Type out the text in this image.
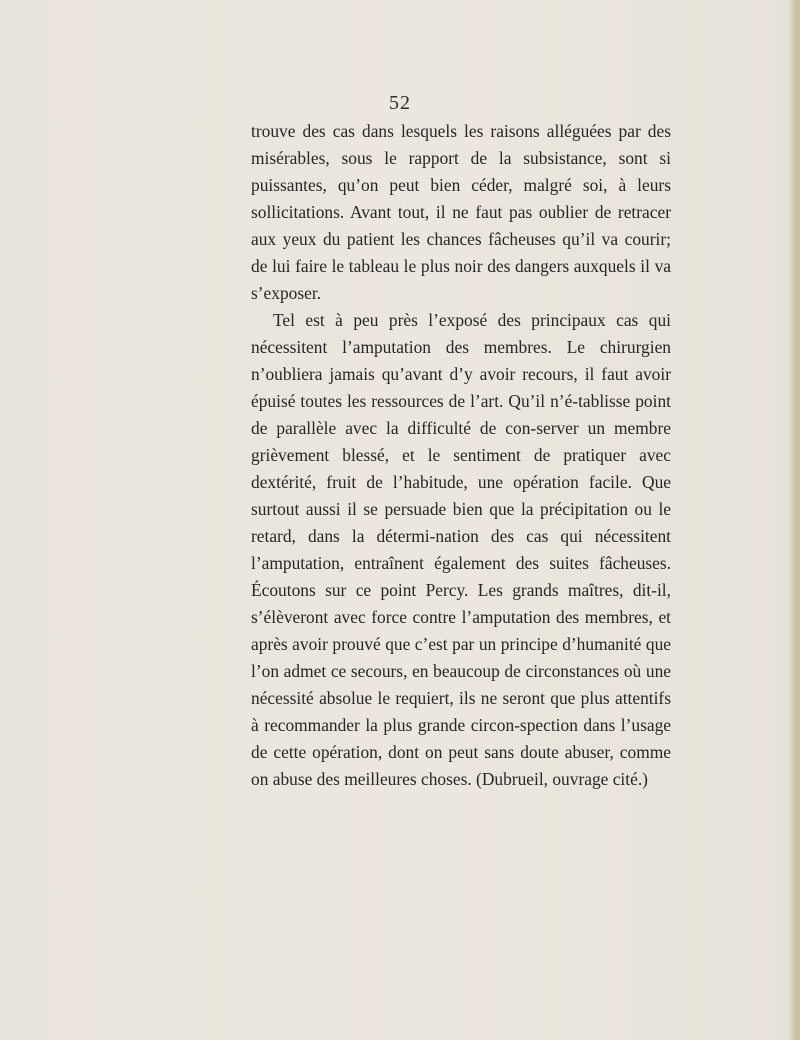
52

trouve des cas dans lesquels les raisons alléguées par des misérables, sous le rapport de la subsistance, sont si puissantes, qu’on peut bien céder, malgré soi, à leurs sollicitations. Avant tout, il ne faut pas oublier de retracer aux yeux du patient les chances fâcheuses qu’il va courir; de lui faire le tableau le plus noir des dangers auxquels il va s’exposer.

Tel est à peu près l’exposé des principaux cas qui nécessitent l’amputation des membres. Le chirurgien n’oubliera jamais qu’avant d’y avoir recours, il faut avoir épuisé toutes les ressources de l’art. Qu’il n’é-tablisse point de parallèle avec la difficulté de con-server un membre grièvement blessé, et le sentiment de pratiquer avec dextérité, fruit de l’habitude, une opération facile. Que surtout aussi il se persuade bien que la précipitation ou le retard, dans la détermi-nation des cas qui nécessitent l’amputation, entraînent également des suites fâcheuses. Écoutons sur ce point Percy. Les grands maîtres, dit-il, s’élèveront avec force contre l’amputation des membres, et après avoir prouvé que c’est par un principe d’humanité que l’on admet ce secours, en beaucoup de circonstances où une nécessité absolue le requiert, ils ne seront que plus attentifs à recommander la plus grande circon-spection dans l’usage de cette opération, dont on peut sans doute abuser, comme on abuse des meilleures choses. (Dubrueil, ouvrage cité.)
